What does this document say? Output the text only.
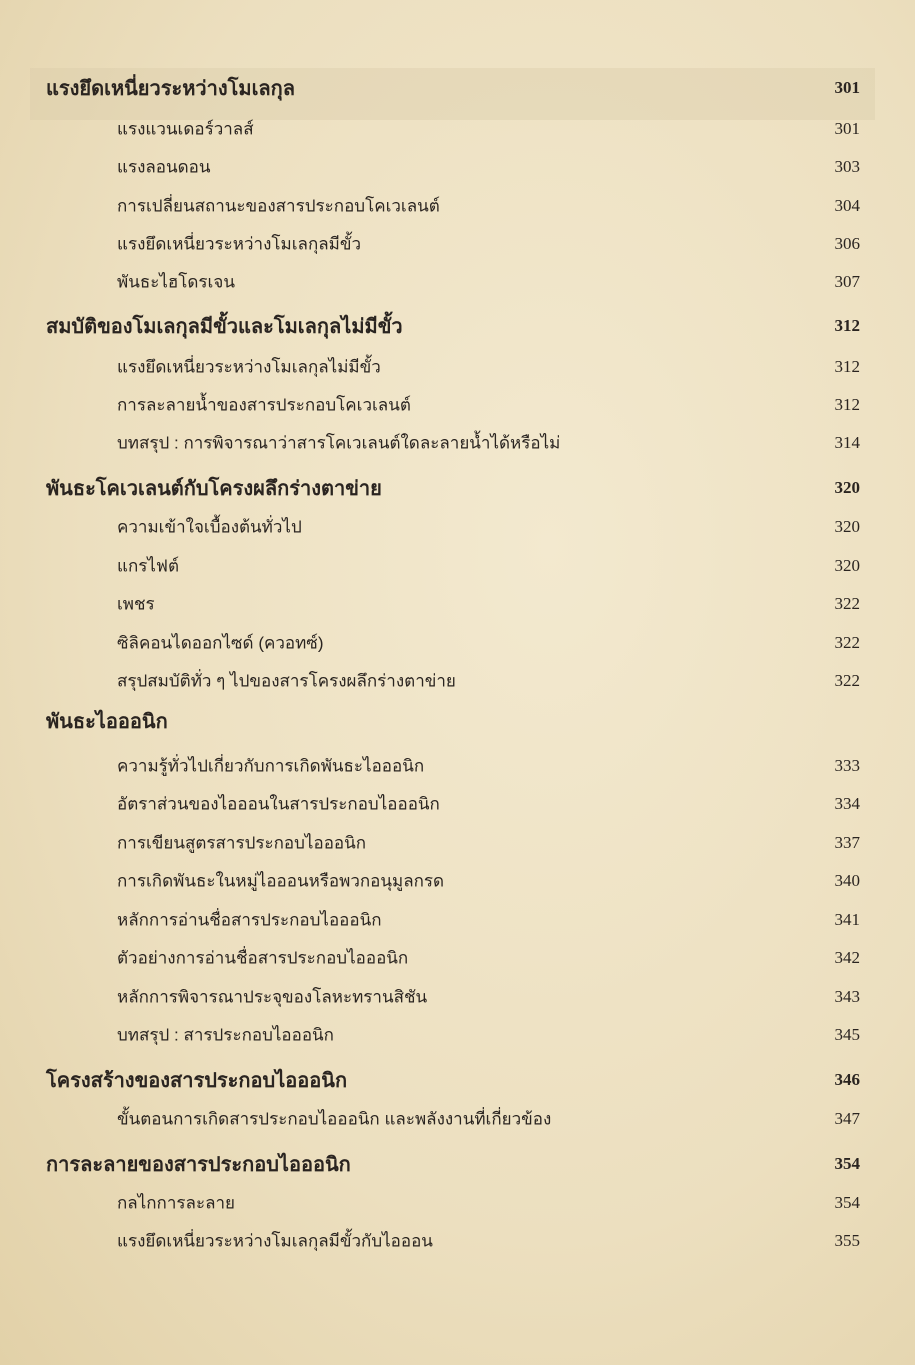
แรงยึดเหนี่ยวระหว่างโมเลกุล	301
แรงแวนเดอร์วาลส์	301
แรงลอนดอน	303
การเปลี่ยนสถานะของสารประกอบโคเวเลนต์	304
แรงยึดเหนี่ยวระหว่างโมเลกุลมีขั้ว	306
พันธะไฮโดรเจน	307
สมบัติของโมเลกุลมีขั้วและโมเลกุลไม่มีขั้ว	312
แรงยึดเหนี่ยวระหว่างโมเลกุลไม่มีขั้ว	312
การละลายน้ำของสารประกอบโคเวเลนต์	312
บทสรุป : การพิจารณาว่าสารโคเวเลนต์ใดละลายน้ำได้หรือไม่	314
พันธะโคเวเลนต์กับโครงผลึกร่างตาข่าย	320
ความเข้าใจเบื้องต้นทั่วไป	320
แกรไฟต์	320
เพชร	322
ซิลิคอนไดออกไซด์ (ควอทซ์)	322
สรุปสมบัติทั่ว ๆ ไปของสารโครงผลึกร่างตาข่าย	322
พันธะไอออนิก
ความรู้ทั่วไปเกี่ยวกับการเกิดพันธะไอออนิก	333
อัตราส่วนของไอออนในสารประกอบไอออนิก	334
การเขียนสูตรสารประกอบไอออนิก	337
การเกิดพันธะในหมู่ไอออนหรือพวกอนุมูลกรด	340
หลักการอ่านชื่อสารประกอบไอออนิก	341
ตัวอย่างการอ่านชื่อสารประกอบไอออนิก	342
หลักการพิจารณาประจุของโลหะทรานสิชัน	343
บทสรุป : สารประกอบไอออนิก	345
โครงสร้างของสารประกอบไอออนิก	346
ขั้นตอนการเกิดสารประกอบไอออนิก และพลังงานที่เกี่ยวข้อง	347
การละลายของสารประกอบไอออนิก	354
กลไกการละลาย	354
แรงยึดเหนี่ยวระหว่างโมเลกุลมีขั้วกับไอออน	355
